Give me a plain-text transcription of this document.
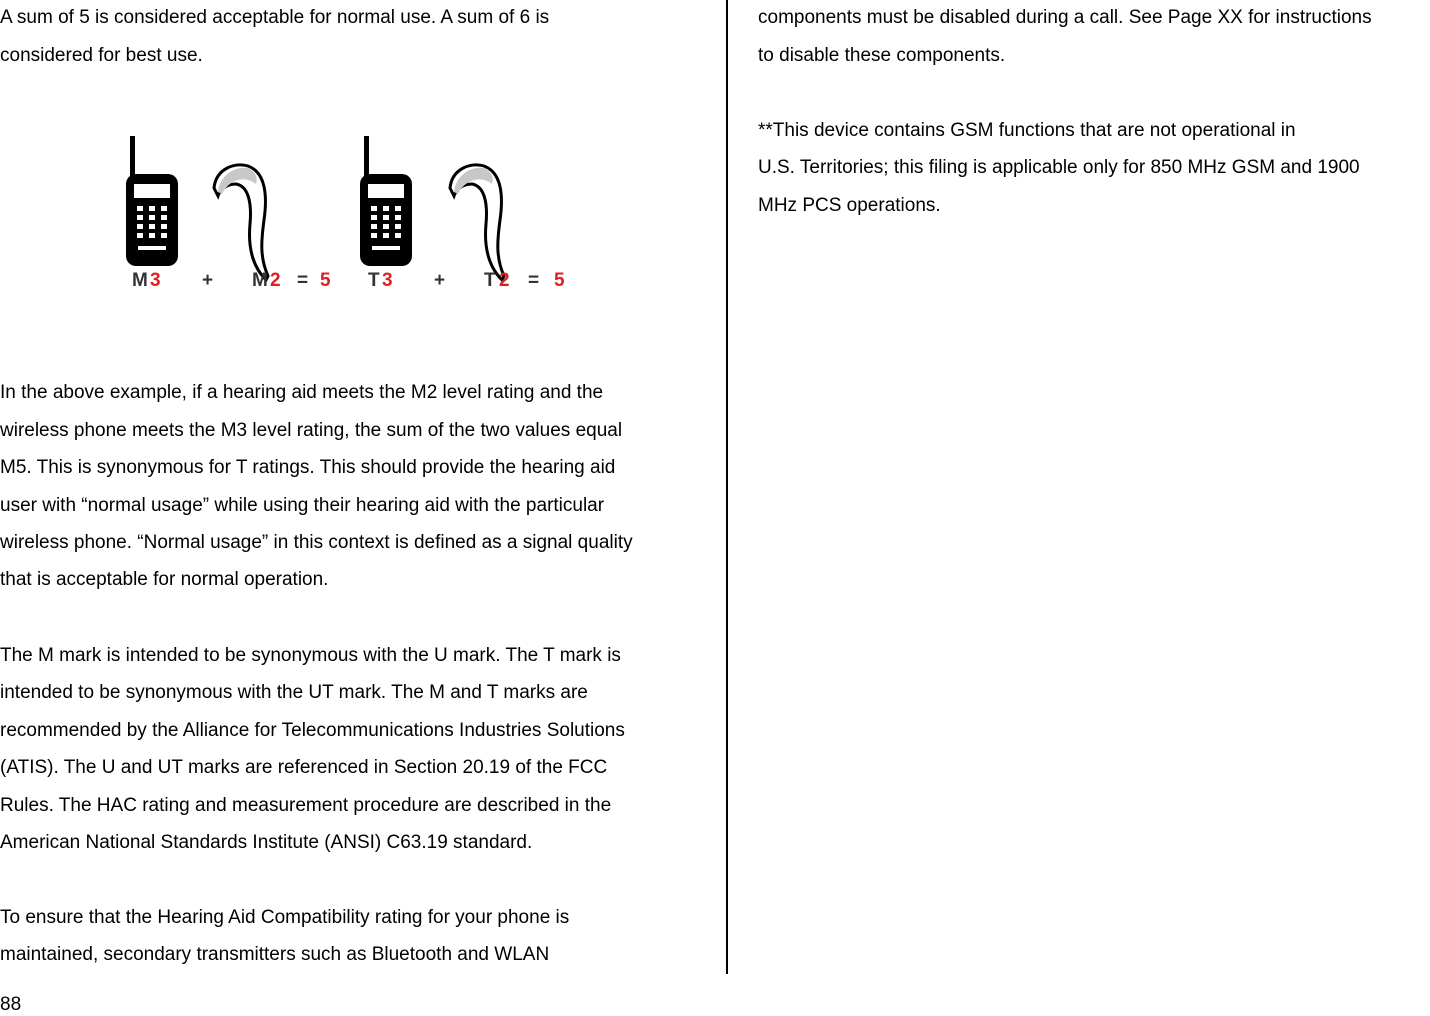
A sum of 5 is considered acceptable for normal use. A sum of 6 is
considered for best use.
M 3 + M 2 = 5 T 3 + T 2 = 5
In the above example, if a hearing aid meets the M2 level rating and the
wireless phone meets the M3 level rating, the sum of the two values equal
M5. This is synonymous for T ratings. This should provide the hearing aid
user with “normal usage” while using their hearing aid with the particular
wireless phone. “Normal usage” in this context is defined as a signal quality
that is acceptable for normal operation.
The M mark is intended to be synonymous with the U mark. The T mark is
intended to be synonymous with the UT mark. The M and T marks are
recommended by the Alliance for Telecommunications Industries Solutions
(ATIS). The U and UT marks are referenced in Section 20.19 of the FCC
Rules. The HAC rating and measurement procedure are described in the
American National Standards Institute (ANSI) C63.19 standard.
To ensure that the Hearing Aid Compatibility rating for your phone is
maintained, secondary transmitters such as Bluetooth and WLAN
components must be disabled during a call. See Page XX for instructions
to disable these components.
**This device contains GSM functions that are not operational in
U.S. Territories; this filing is applicable only for 850 MHz GSM and 1900
MHz PCS operations.
88
